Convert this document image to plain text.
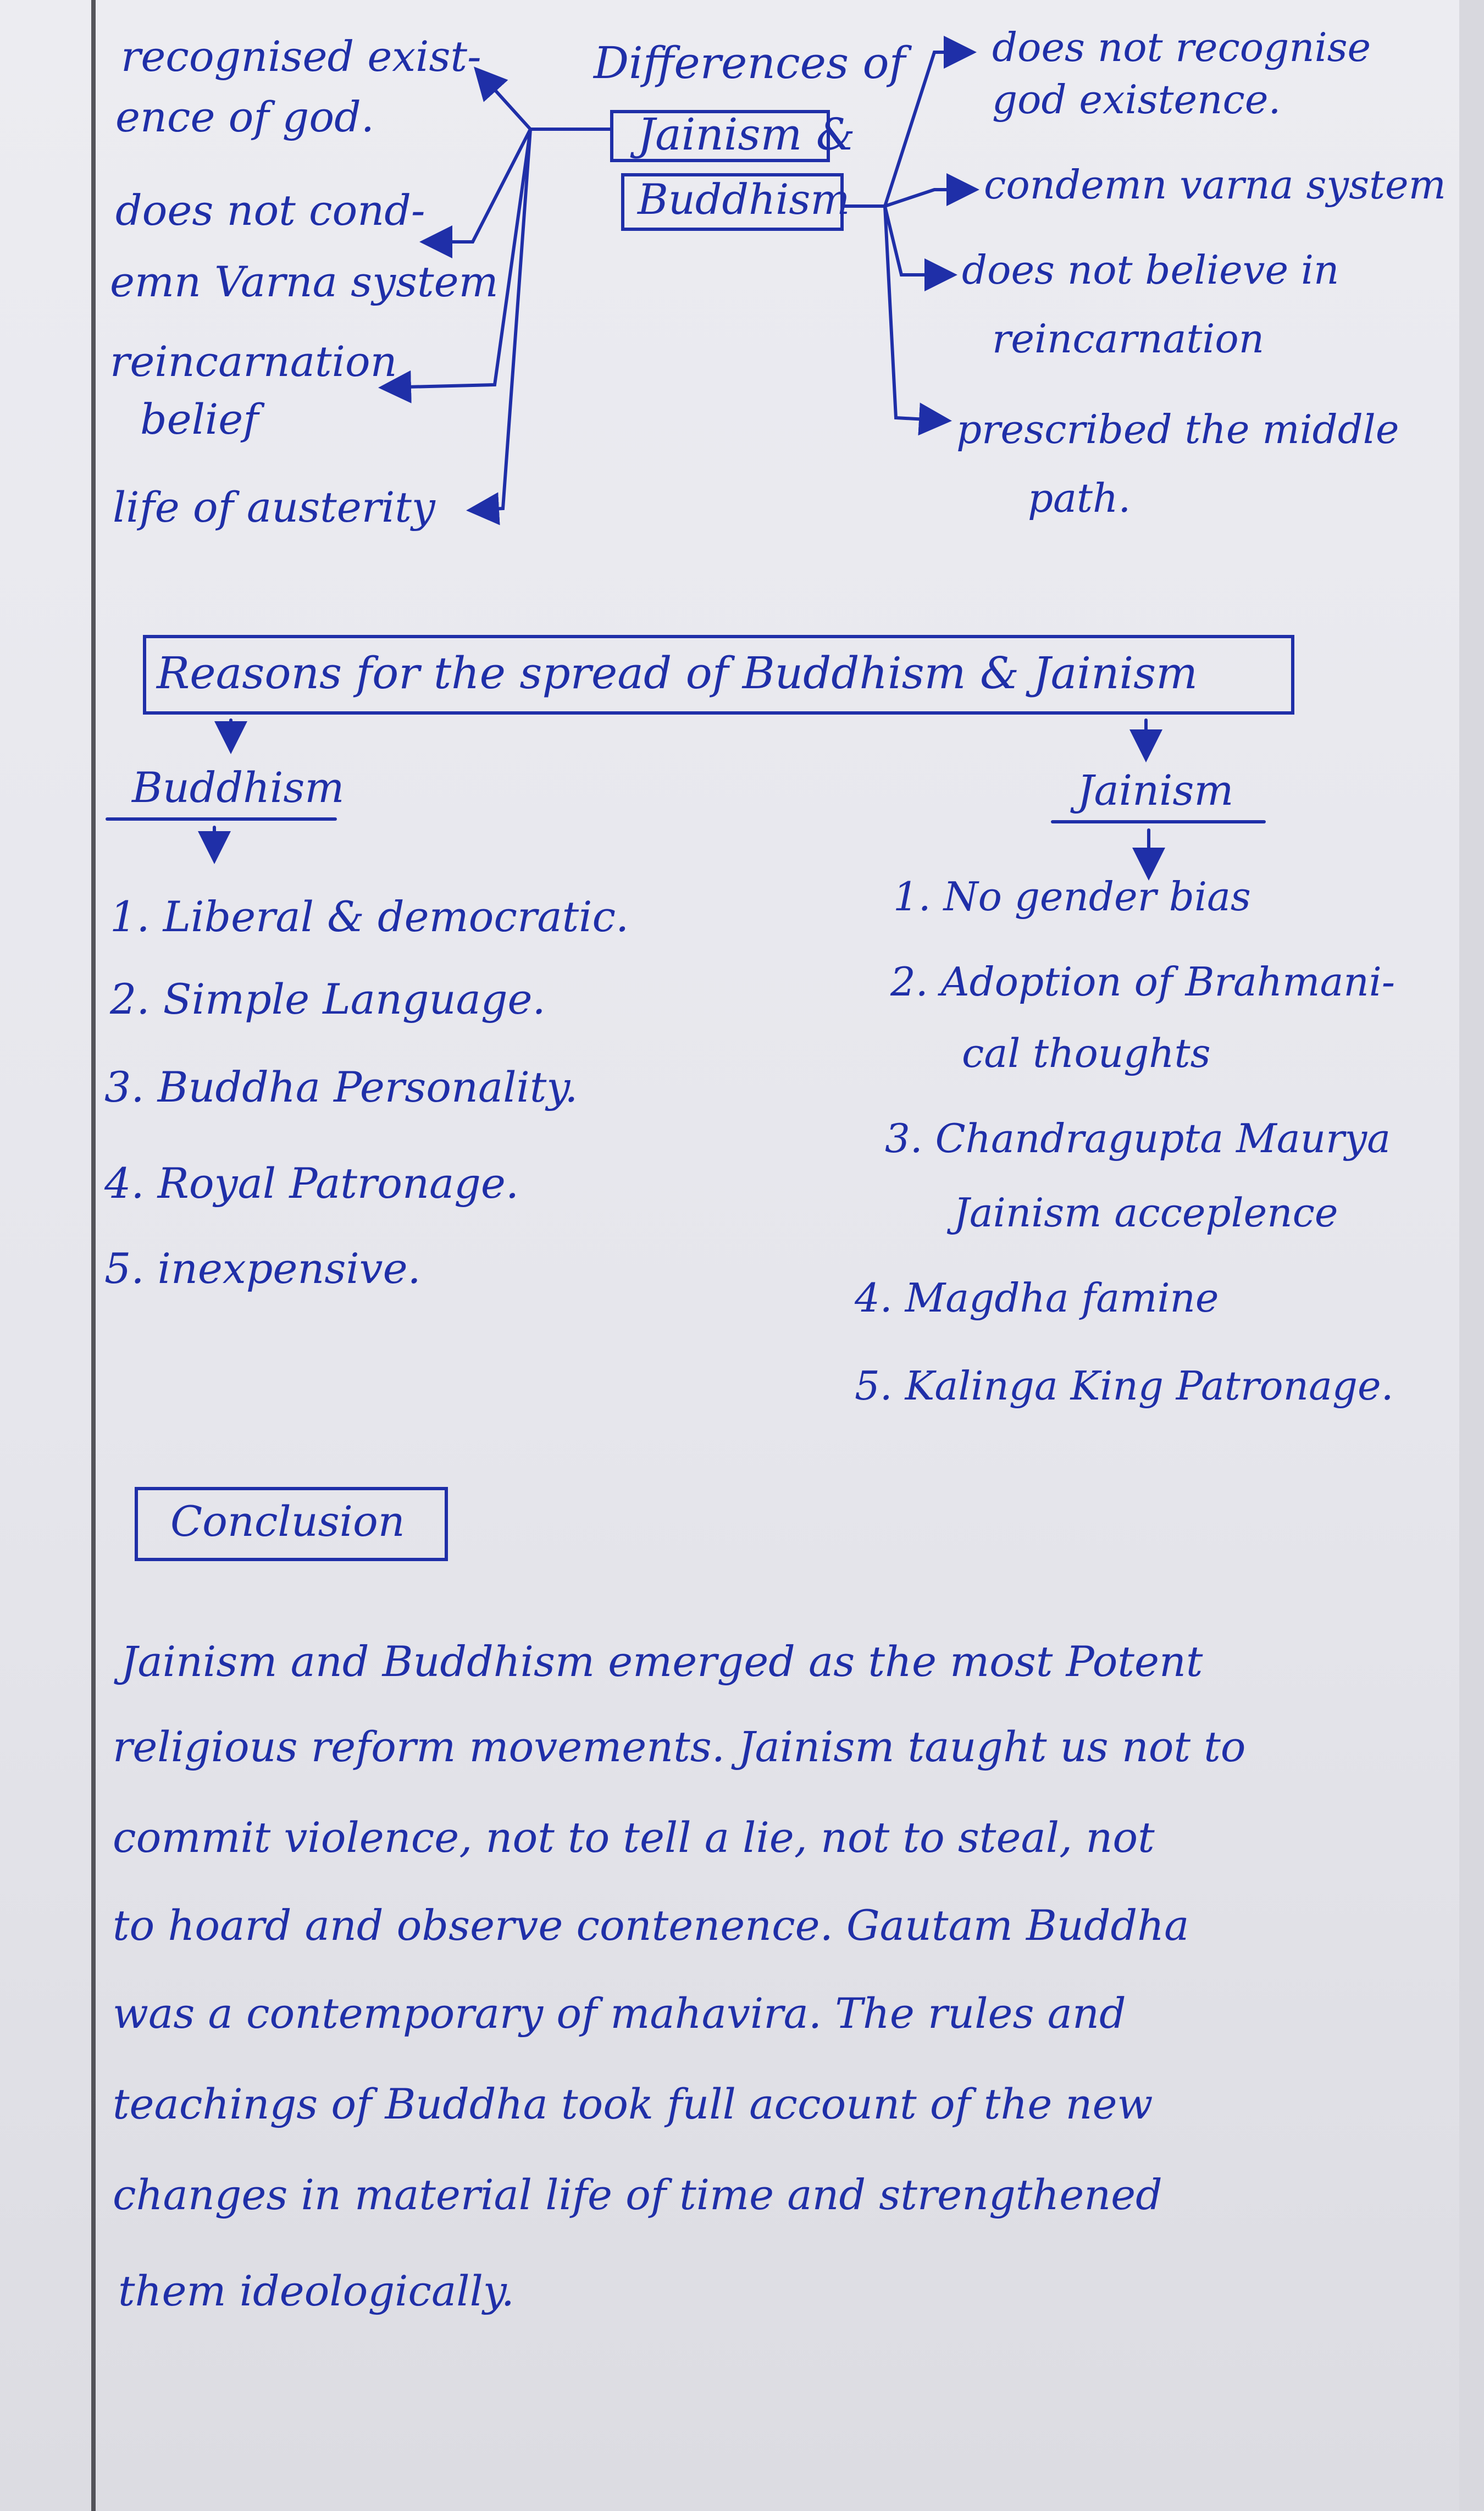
Differences of
Jainism &
Buddhism
recognised exist-
ence of god.
does not cond-
emn Varna system
reincarnation
belief
life of austerity
does not recognise
god existence.
condemn varna system
does not believe in
reincarnation
prescribed the middle
path.
Reasons for the spread of Buddhism & Jainism
Buddhism	Jainism
1. Liberal & democratic.
2. Simple Language.
3. Buddha Personality.
4. Royal Patronage.
5. inexpensive.
1. No gender bias
2. Adoption of Brahmani-
cal thoughts
3. Chandragupta Maurya
Jainism acceplence
4. Magdha famine
5. Kalinga King Patronage.
Conclusion
Jainism and Buddhism emerged as the most Potent
religious reform movements. Jainism taught us not to
commit violence, not to tell a lie, not to steal, not
to hoard and observe contenence. Gautam Buddha
was a contemporary of mahavira. The rules and
teachings of Buddha took full account of the new
changes in material life of time and strengthened
them ideologically.
